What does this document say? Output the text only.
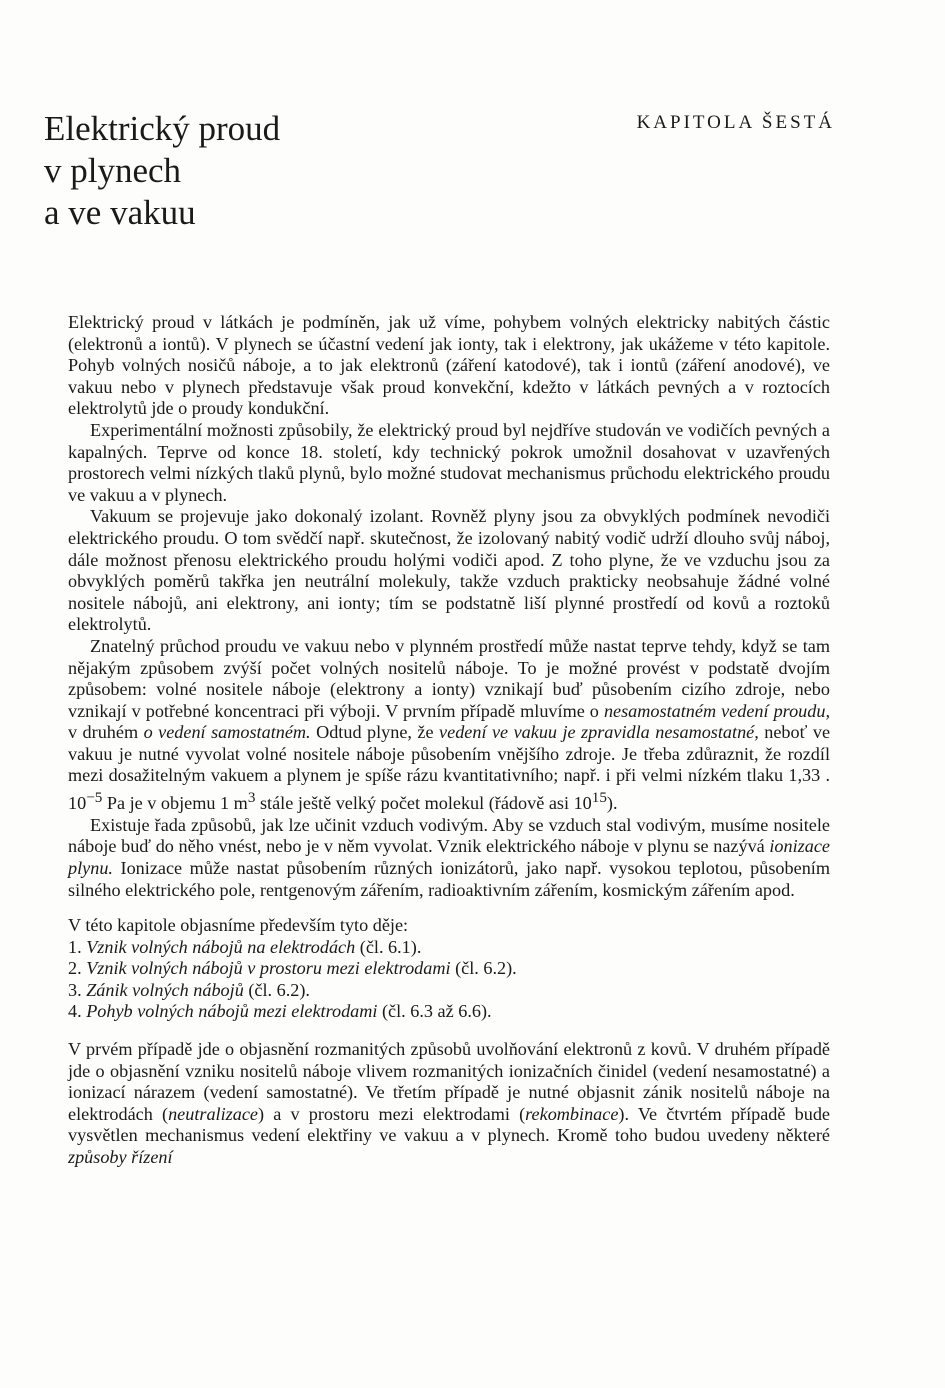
Elektrický proud
v plynech
a ve vakuu
KAPITOLA ŠESTÁ

Elektrický proud v látkách je podmíněn, jak už víme, pohybem volných elektricky nabitých částic (elektronů a iontů). V plynech se účastní vedení jak ionty, tak i elektrony, jak ukážeme v této kapitole. Pohyb volných nosičů náboje, a to jak elektronů (záření katodové), tak i iontů (záření anodové), ve vakuu nebo v plynech představuje však proud konvekční, kdežto v látkách pevných a v roztocích elektrolytů jde o proudy kondukční.

Experimentální možnosti způsobily, že elektrický proud byl nejdříve studován ve vodičích pevných a kapalných. Teprve od konce 18. století, kdy technický pokrok umožnil dosahovat v uzavřených prostorech velmi nízkých tlaků plynů, bylo možné studovat mechanismus průchodu elektrického proudu ve vakuu a v plynech.

Vakuum se projevuje jako dokonalý izolant. Rovněž plyny jsou za obvyklých podmínek nevodiči elektrického proudu. O tom svědčí např. skutečnost, že izolovaný nabitý vodič udrží dlouho svůj náboj, dále možnost přenosu elektrického proudu holými vodiči apod. Z toho plyne, že ve vzduchu jsou za obvyklých poměrů takřka jen neutrální molekuly, takže vzduch prakticky neobsahuje žádné volné nositele nábojů, ani elektrony, ani ionty; tím se podstatně liší plynné prostředí od kovů a roztoků elektrolytů.

Znatelný průchod proudu ve vakuu nebo v plynném prostředí může nastat teprve tehdy, když se tam nějakým způsobem zvýší počet volných nositelů náboje. To je možné provést v podstatě dvojím způsobem: volné nositele náboje (elektrony a ionty) vznikají buď působením cizího zdroje, nebo vznikají v potřebné koncentraci při výboji. V prvním případě mluvíme o nesamostatném vedení proudu, v druhém o vedení samostatném. Odtud plyne, že vedení ve vakuu je zpravidla nesamostatné, neboť ve vakuu je nutné vyvolat volné nositele náboje působením vnějšího zdroje. Je třeba zdůraznit, že rozdíl mezi dosažitelným vakuem a plynem je spíše rázu kvantitativního; např. i při velmi nízkém tlaku 1,33 . $10^{-5}$ Pa je v objemu 1 $m^3$ stále ještě velký počet molekul (řádově asi $10^{15}$).

Existuje řada způsobů, jak lze učinit vzduch vodivým. Aby se vzduch stal vodivým, musíme nositele náboje buď do něho vnést, nebo je v něm vyvolat. Vznik elektrického náboje v plynu se nazývá ionizace plynu. Ionizace může nastat působením různých ionizátorů, jako např. vysokou teplotou, působením silného elektrického pole, rentgenovým zářením, radioaktivním zářením, kosmickým zářením apod.

V této kapitole objasníme především tyto děje:

1. Vznik volných nábojů na elektrodách (čl. 6.1).

2. Vznik volných nábojů v prostoru mezi elektrodami (čl. 6.2).

3. Zánik volných nábojů (čl. 6.2).

4. Pohyb volných nábojů mezi elektrodami (čl. 6.3 až 6.6).

V prvém případě jde o objasnění rozmanitých způsobů uvolňování elektronů z kovů. V druhém případě jde o objasnění vzniku nositelů náboje vlivem rozmanitých ionizačních činidel (vedení nesamostatné) a ionizací nárazem (vedení samostatné). Ve třetím případě je nutné objasnit zánik nositelů náboje na elektrodách (neutralizace) a v prostoru mezi elektrodami (rekombinace). Ve čtvrtém případě bude vysvětlen mechanismus vedení elektřiny ve vakuu a v plynech. Kromě toho budou uvedeny některé způsoby řízení
